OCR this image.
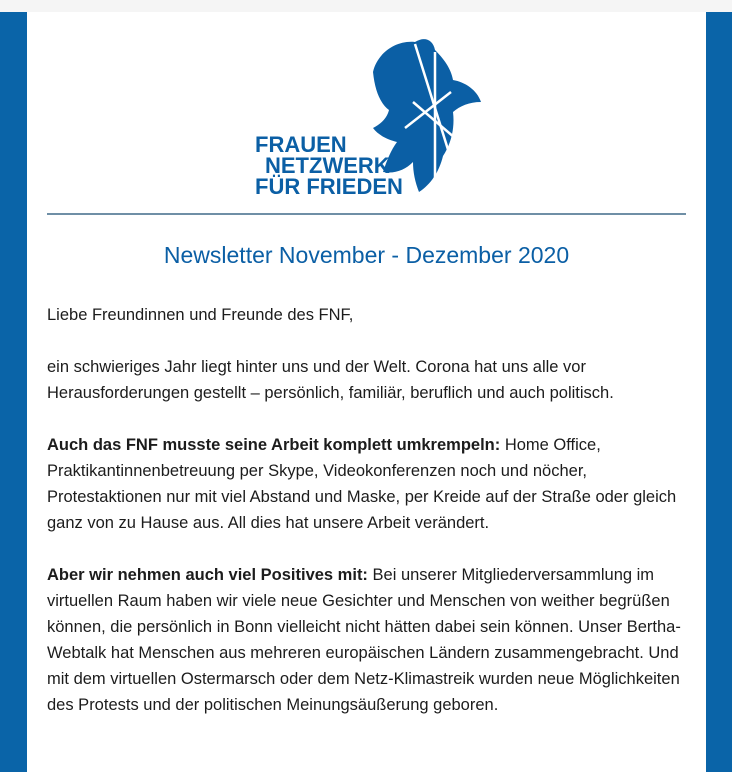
FRAUEN
NETZWERK
FÜR FRIEDEN
Newsletter November - Dezember 2020

Liebe Freundinnen und Freunde des FNF,

ein schwieriges Jahr liegt hinter uns und der Welt. Corona hat uns alle vor Herausforderungen gestellt – persönlich, familiär, beruflich und auch politisch.

Auch das FNF musste seine Arbeit komplett umkrempeln: Home Office, Praktikantinnenbetreuung per Skype, Videokonferenzen noch und nöcher, Protestaktionen nur mit viel Abstand und Maske, per Kreide auf der Straße oder gleich ganz von zu Hause aus. All dies hat unsere Arbeit verändert.

Aber wir nehmen auch viel Positives mit: Bei unserer Mitgliederversammlung im virtuellen Raum haben wir viele neue Gesichter und Menschen von weither begrüßen können, die persönlich in Bonn vielleicht nicht hätten dabei sein können. Unser Bertha-Webtalk hat Menschen aus mehreren europäischen Ländern zusammengebracht. Und mit dem virtuellen Ostermarsch oder dem Netz-Klimastreik wurden neue Möglichkeiten des Protests und der politischen Meinungsäußerung geboren.
